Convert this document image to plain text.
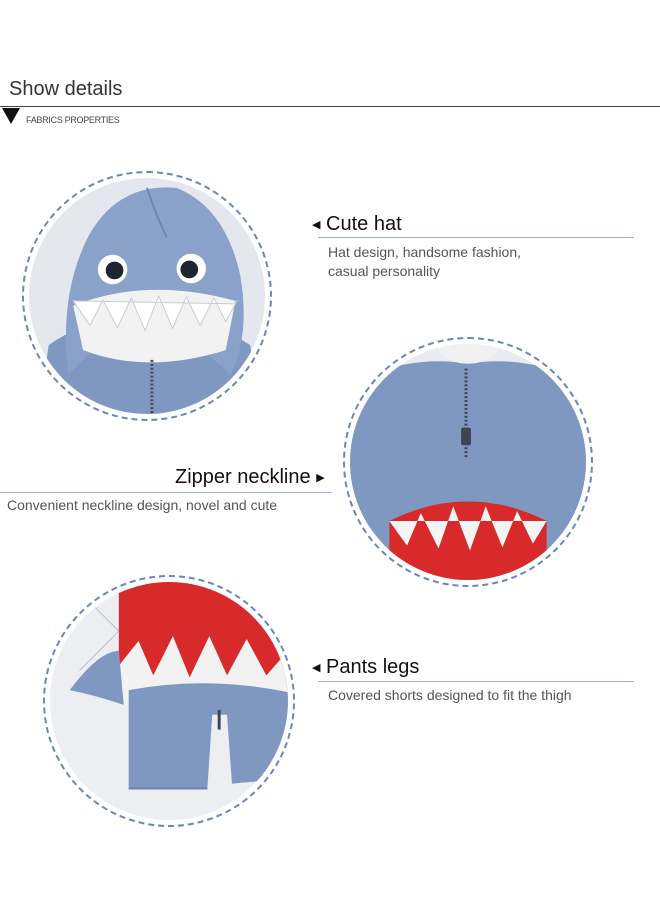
Show details
FABRICS PROPERTIES
◀ Cute hat
Hat design, handsome fashion,
casual personality
Zipper neckline ▶
Convenient neckline design, novel and cute
◀ Pants legs
Covered shorts designed to fit the thigh
